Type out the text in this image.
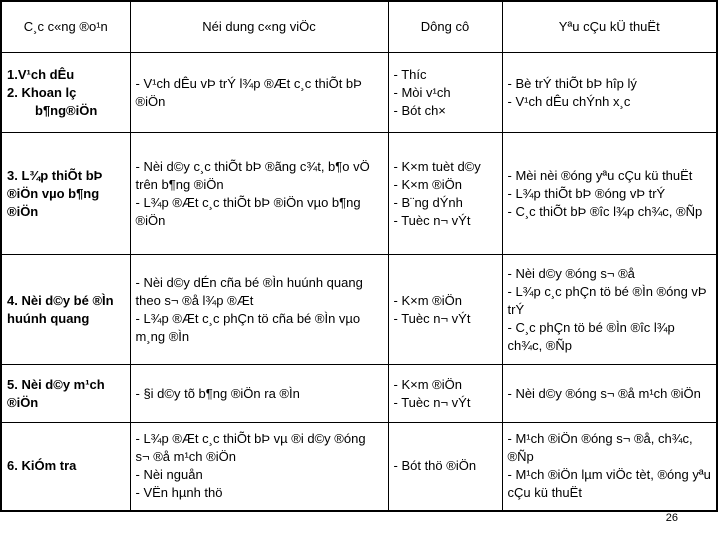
C¸c c«ng ®o¹n	Néi dung c«ng viÖc	Dông cô	Yªu cÇu kÜ thuËt

1.V¹ch dÊu
2. Khoan lç
b¶ng®iÖn	- V¹ch dÊu vÞ trÝ l¾p ®Æt c¸c thiÕt bÞ ®iÖn	- Thíc
- Mòi v¹ch
- Bót ch×	- Bè trÝ thiÕt bÞ hîp lý
- V¹ch dÊu chÝnh x¸c

3. L¾p thiÕt bÞ ®iÖn vµo b¶ng ®iÖn	- Nèi d©y c¸c thiÕt bÞ ®ãng c¾t, b¶o vÖ trên b¶ng ®iÖn
- L¾p ®Æt c¸c thiÕt bÞ ®iÖn vµo b¶ng ®iÖn	- K×m tuèt d©y
- K×m ®iÖn
- B¨ng dÝnh
- Tuèc n¬ vÝt	- Mèi nèi ®óng yªu cÇu kü thuËt
- L¾p thiÕt bÞ ®óng vÞ trÝ
- C¸c thiÕt bÞ ®îc l¾p ch¾c, ®Ñp

4. Nèi d©y bé ®Ìn huúnh quang	- Nèi d©y dÉn cña bé ®Ìn huúnh quang theo s¬ ®å l¾p ®Æt
- L¾p ®Æt c¸c phÇn tö cña bé ®Ìn vµo m¸ng ®Ìn	- K×m ®iÖn
- Tuèc n¬ vÝt	- Nèi d©y ®óng s¬ ®å
- L¾p c¸c phÇn tö bé ®Ìn ®óng vÞ trÝ
- C¸c phÇn tö bé ®Ìn ®îc l¾p ch¾c, ®Ñp

5. Nèi d©y m¹ch ®iÖn	- §i d©y tõ b¶ng ®iÖn ra ®Ìn	- K×m ®iÖn
- Tuèc n¬ vÝt	- Nèi d©y ®óng s¬ ®å m¹ch ®iÖn

6. KiÓm tra	- L¾p ®Æt c¸c thiÕt bÞ vµ ®i d©y ®óng s¬ ®å m¹ch ®iÖn
- Nèi nguån
- VËn hµnh thö	- Bót thö ®iÖn	- M¹ch ®iÖn ®óng s¬ ®å, ch¾c, ®Ñp
- M¹ch ®iÖn lµm viÖc tèt, ®óng yªu cÇu kü thuËt
26
